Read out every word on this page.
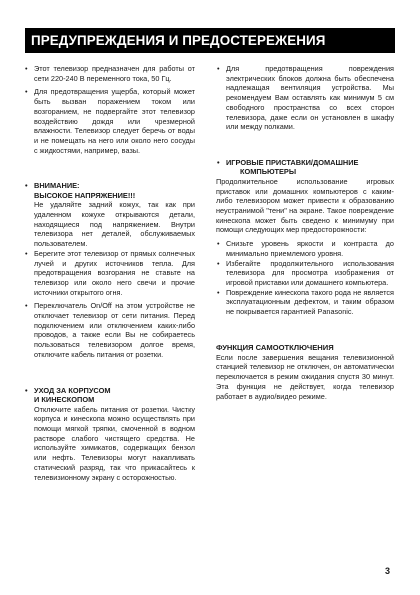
ПРЕДУПРЕЖДЕНИЯ И ПРЕДОСТЕРЕЖЕНИЯ

• Этот телевизор предназначен для работы от сети 220-240 В переменного тока, 50 Гц.

• Для предотвращения ущерба, который может быть вызван поражением током или возгоранием, не подвергайте этот телевизор воздействию дождя или чрезмерной влажности. Телевизор следует беречь от воды и не помещать на него или около него сосуды с жидкостями, например, вазы.

• ВНИМАНИЕ:
ВЫСОКОЕ НАПРЯЖЕНИЕ!!!

Не удаляйте задний кожух, так как при удаленном кожухе открываются детали, находящиеся под напряжением. Внутри телевизора нет деталей, обслуживаемых пользователем.

• Берегите этот телевизор от прямых солнечных лучей и других источников тепла. Для предотвращения возгорания не ставьте на телевизор или около него свечи и прочие источники открытого огня.

• Переключатель On/Off на этом устройстве не отключает телевизор от сети питания. Перед подключением или отключением каких-либо проводов, а также если Вы не собираетесь пользоваться телевизором долгое время, отключите кабель питания от розетки.

• УХОД ЗА КОРПУСОМ
И КИНЕСКОПОМ

Отключите кабель питания от розетки. Чистку корпуса и кинескопа можно осуществлять при помощи мягкой тряпки, смоченной в водном растворе слабого чистящего средства. Не используйте химикатов, содержащих бензол или нефть. Телевизоры могут накапливать статический разряд, так что прикасайтесь к телевизионному экрану с осторожностью.

• Для предотвращения повреждения электрических блоков должна быть обеспечена надлежащая вентиляция устройства. Мы рекомендуем Вам оставлять как минимум 5 см свободного пространства со всех сторон телевизора, даже если он установлен в шкафу или между полками.

• ИГРОВЫЕ ПРИСТАВКИ/ДОМАШНИЕ
КОМПЬЮТЕРЫ

Продолжительное использование игровых приставок или домашних компьютеров с каким-либо телевизором может привести к образованию неустранимой "тени" на экране. Такое повреждение кинескопа может быть сведено к минимуму при помощи следующих мер предосторожности:

• Снизьте уровень яркости и контраста до минимально приемлемого уровня.

• Избегайте продолжительного использования телевизора для просмотра изображения от игровой приставки или домашнего компьютера.

• Повреждение кинескопа такого рода не является эксплуатационным дефектом, и таким образом не покрывается гарантией Panasonic.

ФУНКЦИЯ САМООТКЛЮЧЕНИЯ

Если после завершения вещания телевизионной станцией телевизор не отключен, он автоматически переключается в режим ожидания спустя 30 минут. Эта функция не действует, когда телевизор работает в аудио/видео режиме.

3
